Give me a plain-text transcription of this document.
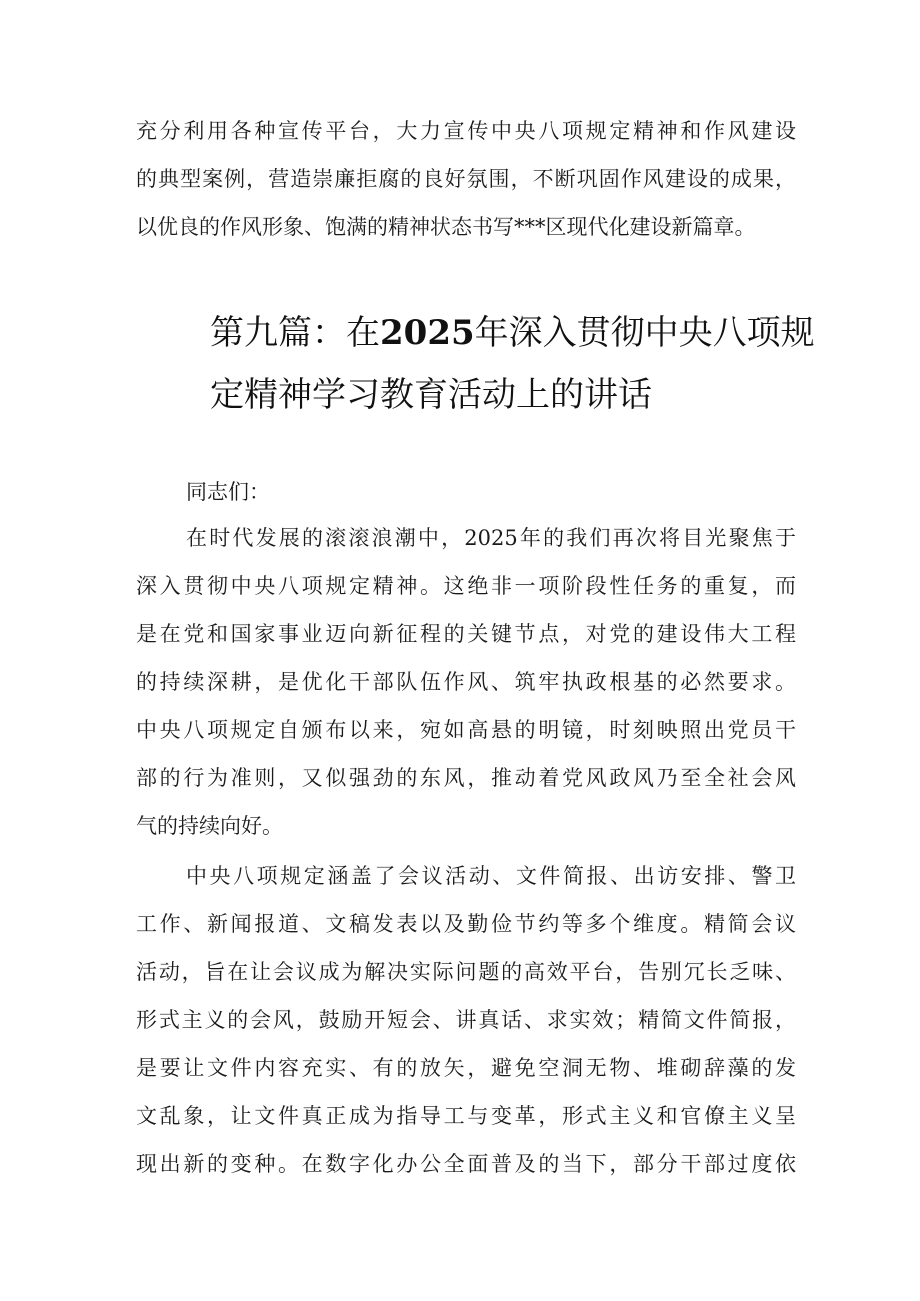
充分利用各种宣传平台，大力宣传中央八项规定精神和作风建设
的典型案例，营造崇廉拒腐的良好氛围，不断巩固作风建设的成果，
以优良的作风形象、饱满的精神状态书写***区现代化建设新篇章。
第九篇：在2025年深入贯彻中央八项规
定精神学习教育活动上的讲话
同志们：
在时代发展的滚滚浪潮中，2025年的我们再次将目光聚焦于
深入贯彻中央八项规定精神。这绝非一项阶段性任务的重复，而
是在党和国家事业迈向新征程的关键节点，对党的建设伟大工程
的持续深耕，是优化干部队伍作风、筑牢执政根基的必然要求。
中央八项规定自颁布以来，宛如高悬的明镜，时刻映照出党员干
部的行为准则，又似强劲的东风，推动着党风政风乃至全社会风
气的持续向好。
中央八项规定涵盖了会议活动、文件简报、出访安排、警卫
工作、新闻报道、文稿发表以及勤俭节约等多个维度。精简会议
活动，旨在让会议成为解决实际问题的高效平台，告别冗长乏味、
形式主义的会风，鼓励开短会、讲真话、求实效；精简文件简报，
是要让文件内容充实、有的放矢，避免空洞无物、堆砌辞藻的发
文乱象，让文件真正成为指导工与变革，形式主义和官僚主义呈
现出新的变种。在数字化办公全面普及的当下，部分干部过度依
